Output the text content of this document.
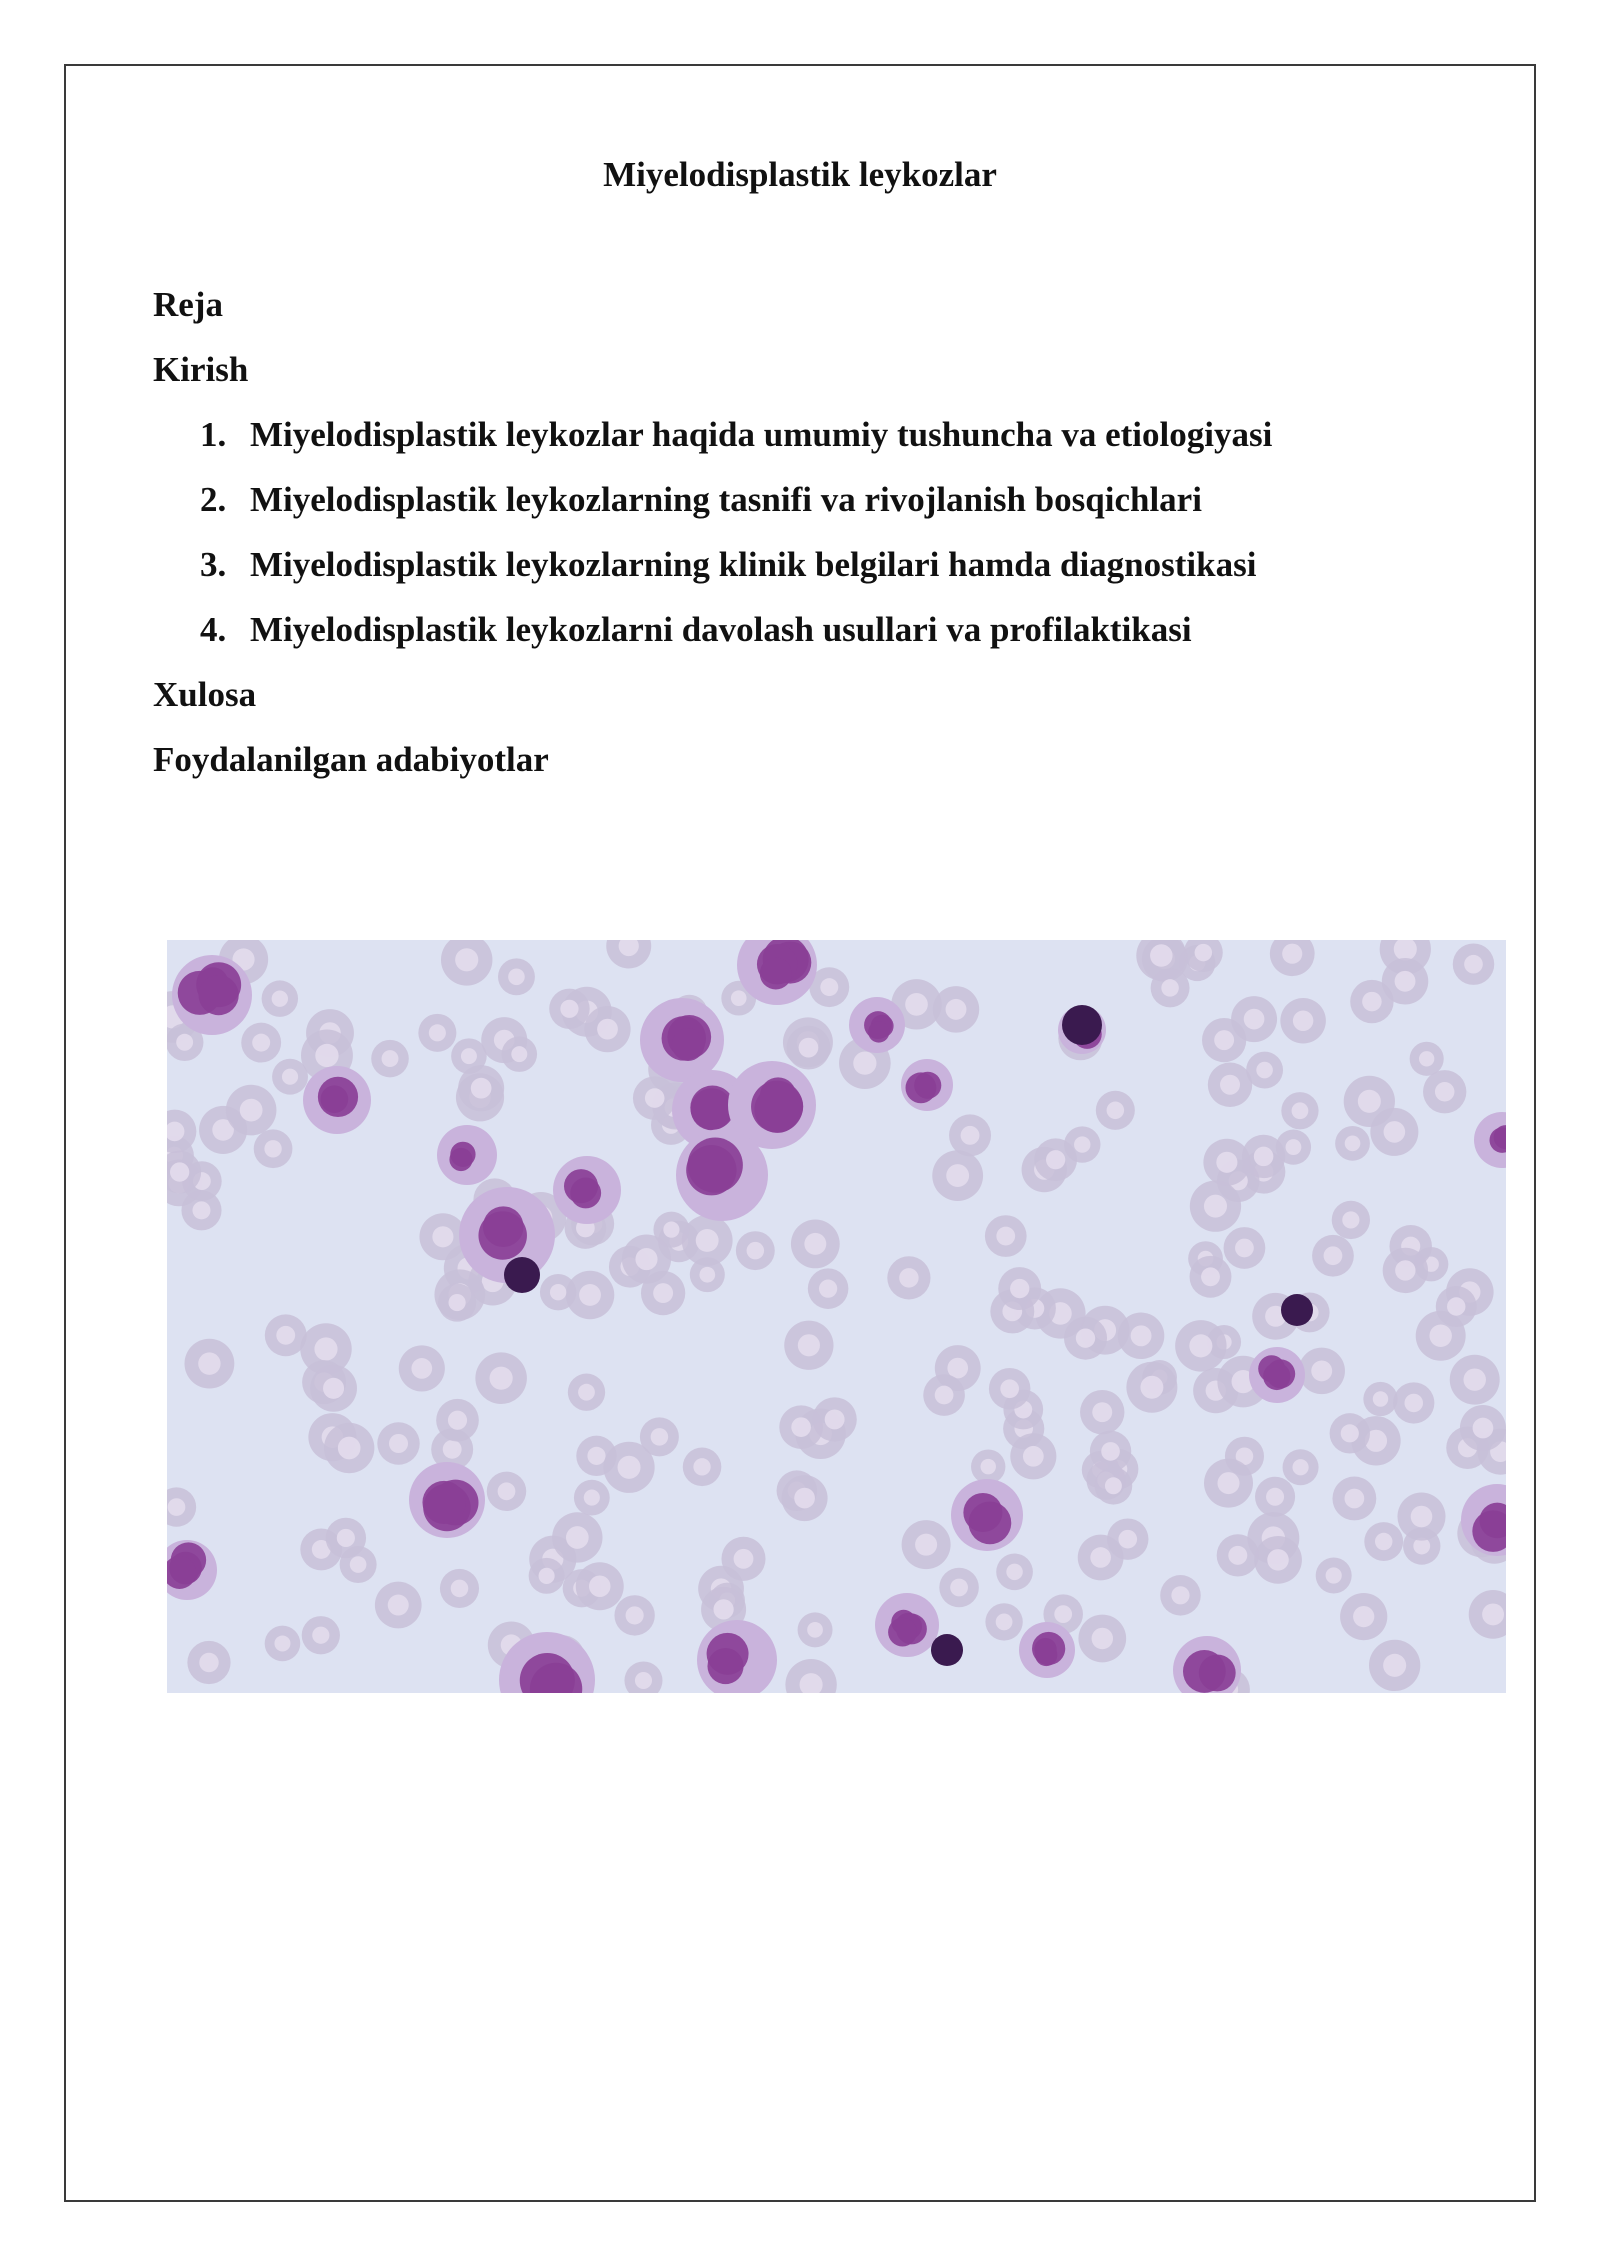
Miyelodisplastik leykozlar
Reja
Kirish
1. Miyelodisplastik leykozlar haqida umumiy tushuncha va etiologiyasi
2. Miyelodisplastik leykozlarning tasnifi va rivojlanish bosqichlari
3. Miyelodisplastik leykozlarning klinik belgilari hamda diagnostikasi
4. Miyelodisplastik leykozlarni davolash usullari va profilaktikasi
Xulosa
Foydalanilgan adabiyotlar
